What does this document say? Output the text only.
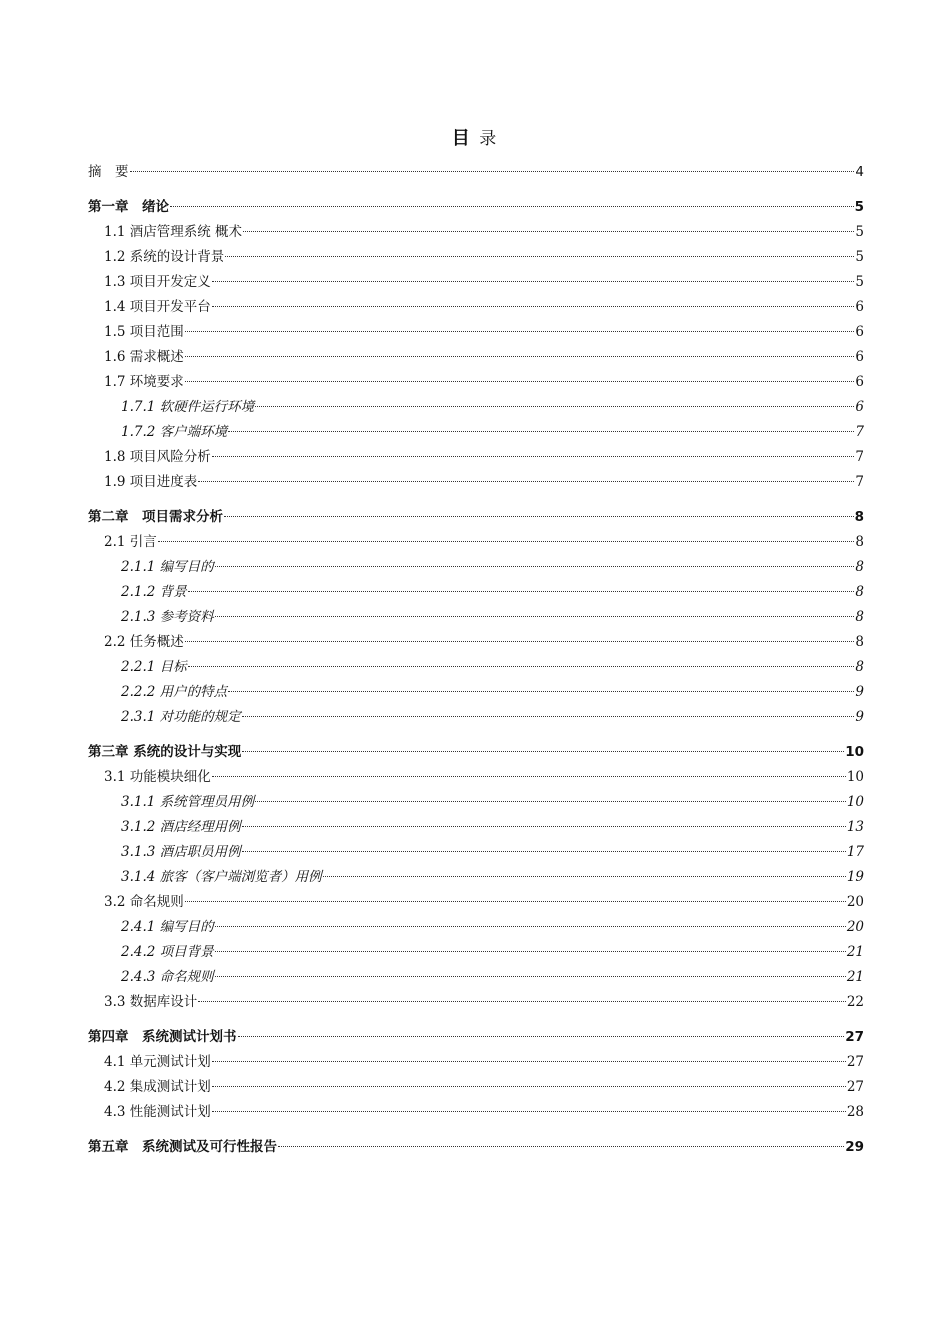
目 录
摘　要	4
第一章　绪论	5
1.1 酒店管理系统 概术	5
1.2 系统的设计背景	5
1.3 项目开发定义	5
1.4 项目开发平台	6
1.5 项目范围	6
1.6 需求概述	6
1.7 环境要求	6
1.7.1 软硬件运行环境	6
1.7.2 客户端环境	7
1.8 项目风险分析	7
1.9 项目进度表	7
第二章　项目需求分析	8
2.1 引言	8
2.1.1 编写目的	8
2.1.2 背景	8
2.1.3 参考资料	8
2.2 任务概述	8
2.2.1 目标	8
2.2.2 用户的特点	9
2.3.1 对功能的规定	9
第三章 系统的设计与实现	10
3.1 功能模块细化	10
3.1.1 系统管理员用例	10
3.1.2 酒店经理用例	13
3.1.3 酒店职员用例	17
3.1.4 旅客（客户端浏览者）用例	19
3.2 命名规则	20
2.4.1 编写目的	20
2.4.2 项目背景	21
2.4.3 命名规则	21
3.3 数据库设计	22
第四章　系统测试计划书	27
4.1 单元测试计划	27
4.2 集成测试计划	27
4.3 性能测试计划	28
第五章　系统测试及可行性报告	29
